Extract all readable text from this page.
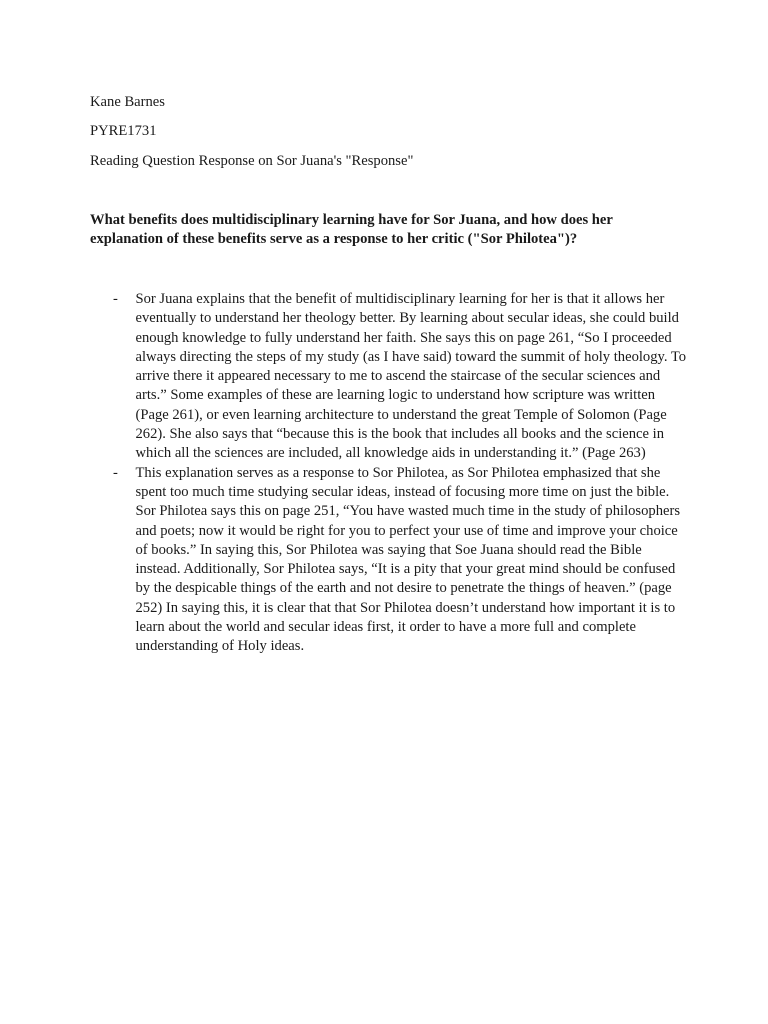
Kane Barnes
PYRE1731
Reading Question Response on Sor Juana's "Response"
What benefits does multidisciplinary learning have for Sor Juana, and how does her explanation of these benefits serve as a response to her critic ("Sor Philotea")?
- Sor Juana explains that the benefit of multidisciplinary learning for her is that it allows her eventually to understand her theology better. By learning about secular ideas, she could build enough knowledge to fully understand her faith. She says this on page 261, “So I proceeded always directing the steps of my study (as I have said) toward the summit of holy theology. To arrive there it appeared necessary to me to ascend the staircase of the secular sciences and arts.” Some examples of these are learning logic to understand how scripture was written (Page 261), or even learning architecture to understand the great Temple of Solomon (Page 262). She also says that “because this is the book that includes all books and the science in which all the sciences are included, all knowledge aids in understanding it.” (Page 263)
- This explanation serves as a response to Sor Philotea, as Sor Philotea emphasized that she spent too much time studying secular ideas, instead of focusing more time on just the bible. Sor Philotea says this on page 251, “You have wasted much time in the study of philosophers and poets; now it would be right for you to perfect your use of time and improve your choice of books.” In saying this, Sor Philotea was saying that Soe Juana should read the Bible instead. Additionally, Sor Philotea says, “It is a pity that your great mind should be confused by the despicable things of the earth and not desire to penetrate the things of heaven.” (page 252) In saying this, it is clear that that Sor Philotea doesn’t understand how important it is to learn about the world and secular ideas first, it order to have a more full and complete understanding of Holy ideas.
